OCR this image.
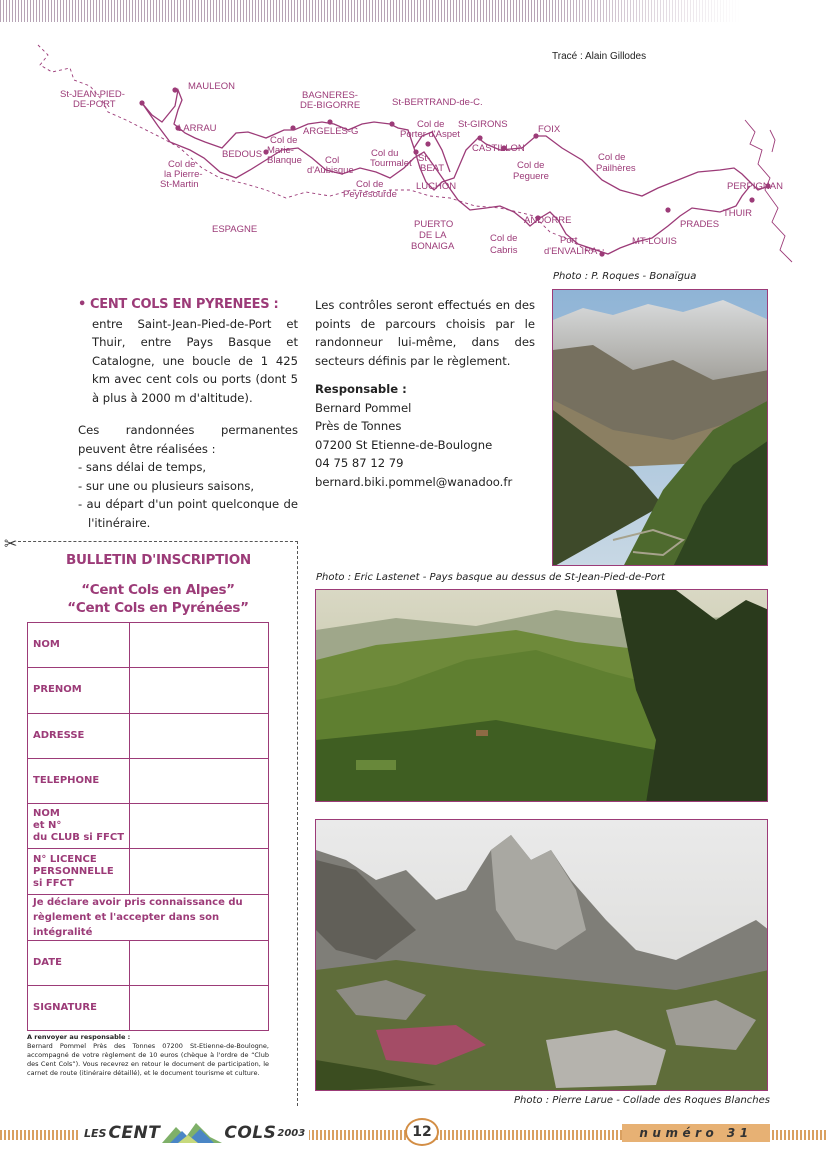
Tracé : Alain Gillodes
St-JEAN-PIED-
DE-PORT
MAULEON
LARRAU
Col de
la Pierre-
St-Martin
BEDOUS
Col de
Marie-
Blanque
BAGNERES-
DE-BIGORRE
ARGELES-G
Col
d'Aubisque
Col du
Tourmalet
Col de
Peyresourde
St-BERTRAND-de-C.
Col de
Porter d'Aspet
St-
BEAT
LUCHON
St-GIRONS
CASTILLON
FOIX
Col de
Peguere
Col de
Pailhères
PERPIGNAN
THUIR
PRADES
MT-LOUIS
ANDORRE
Port
d'ENVALIRA
Col de
Cabris
PUERTO
DE LA
BONAIGA
ESPAGNE
Photo : P. Roques - Bonaïgua
• CENT COLS EN PYRENEES :

entre Saint-Jean-Pied-de-Port et Thuir, entre Pays Basque et Catalogne, une boucle de 1 425 km avec cent cols ou ports (dont 5 à plus à 2000 m d'altitude).

Ces randonnées permanentes peuvent être réalisées :

- sans délai de temps,
- sur une ou plusieurs saisons,
- au départ d'un point quelconque de l'itinéraire.

Les contrôles seront effectués en des points de parcours choisis par le randonneur lui-même, dans des secteurs définis par le règlement.

Responsable :

Bernard Pommel

Près de Tonnes

07200 St Etienne-de-Boulogne

04 75 87 12 79

bernard.biki.pommel@wanadoo.fr

Photo : Eric Lastenet - Pays basque au dessus de St-Jean-Pied-de-Port
Photo : Pierre Larue - Collade des Roques Blanches
✂
BULLETIN D'INSCRIPTION
“Cent Cols en Alpes”
“Cent Cols en Pyrénées”
NOM	
PRENOM	
ADRESSE	
TELEPHONE	

NOM
et N°
du CLUB si FFCT	

N° LICENCE
PERSONNELLE
si FFCT	

Je déclare avoir pris connaissance du règlement et l'accepter dans son intégralité	
DATE	
SIGNATURE	
A renvoyer au responsable :
Bernard Pommel Près des Tonnes 07200 St-Etienne-de-Boulogne, accompagné de votre règlement de 10 euros (chèque à l'ordre de “Club des Cent Cols”). Vous recevrez en retour le document de participation, le carnet de route (itinéraire détaillé), et le document tourisme et culture.
LES CENT	COLS 2003	12	numéro 31
